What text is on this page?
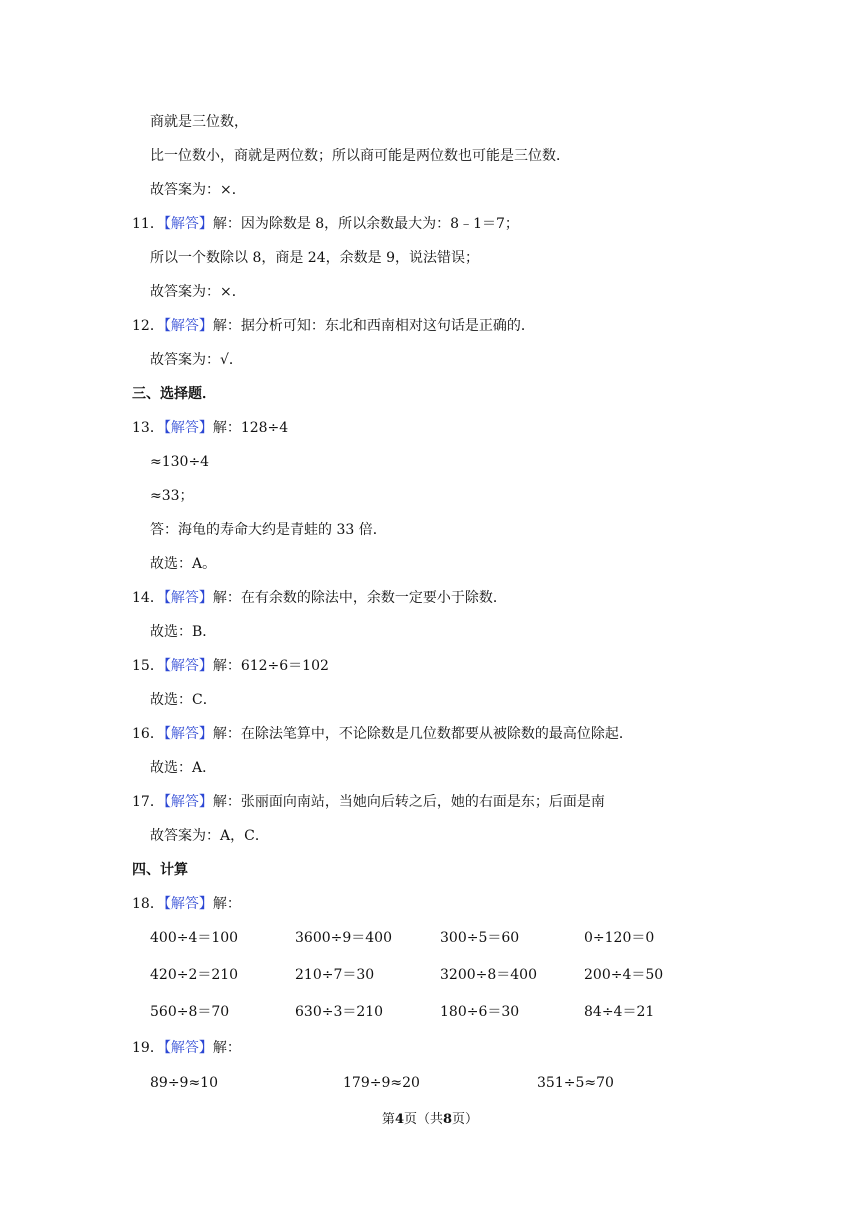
商就是三位数，
比一位数小，商就是两位数；所以商可能是两位数也可能是三位数．
故答案为：×．
11．【解答】解：因为除数是 8，所以余数最大为：8﹣1＝7；
所以一个数除以 8，商是 24，余数是 9，说法错误；
故答案为：×．
12．【解答】解：据分析可知：东北和西南相对这句话是正确的．
故答案为：√．
三、选择题．
13．【解答】解：128÷4
≈130÷4
≈33；
答：海龟的寿命大约是青蛙的 33 倍．
故选：A。
14．【解答】解：在有余数的除法中，余数一定要小于除数．
故选：B．
15．【解答】解：612÷6＝102
故选：C．
16．【解答】解：在除法笔算中，不论除数是几位数都要从被除数的最高位除起．
故选：A．
17．【解答】解：张丽面向南站，当她向后转之后，她的右面是东；后面是南
故答案为：A，C．
四、计算
18．【解答】解：
400÷4＝100	3600÷9＝400	300÷5＝60	0÷120＝0
420÷2＝210	210÷7＝30	3200÷8＝400	200÷4＝50
560÷8＝70	630÷3＝210	180÷6＝30	84÷4＝21
19．【解答】解：
89÷9≈10	179÷9≈20	351÷5≈70
第4页（共8页）
